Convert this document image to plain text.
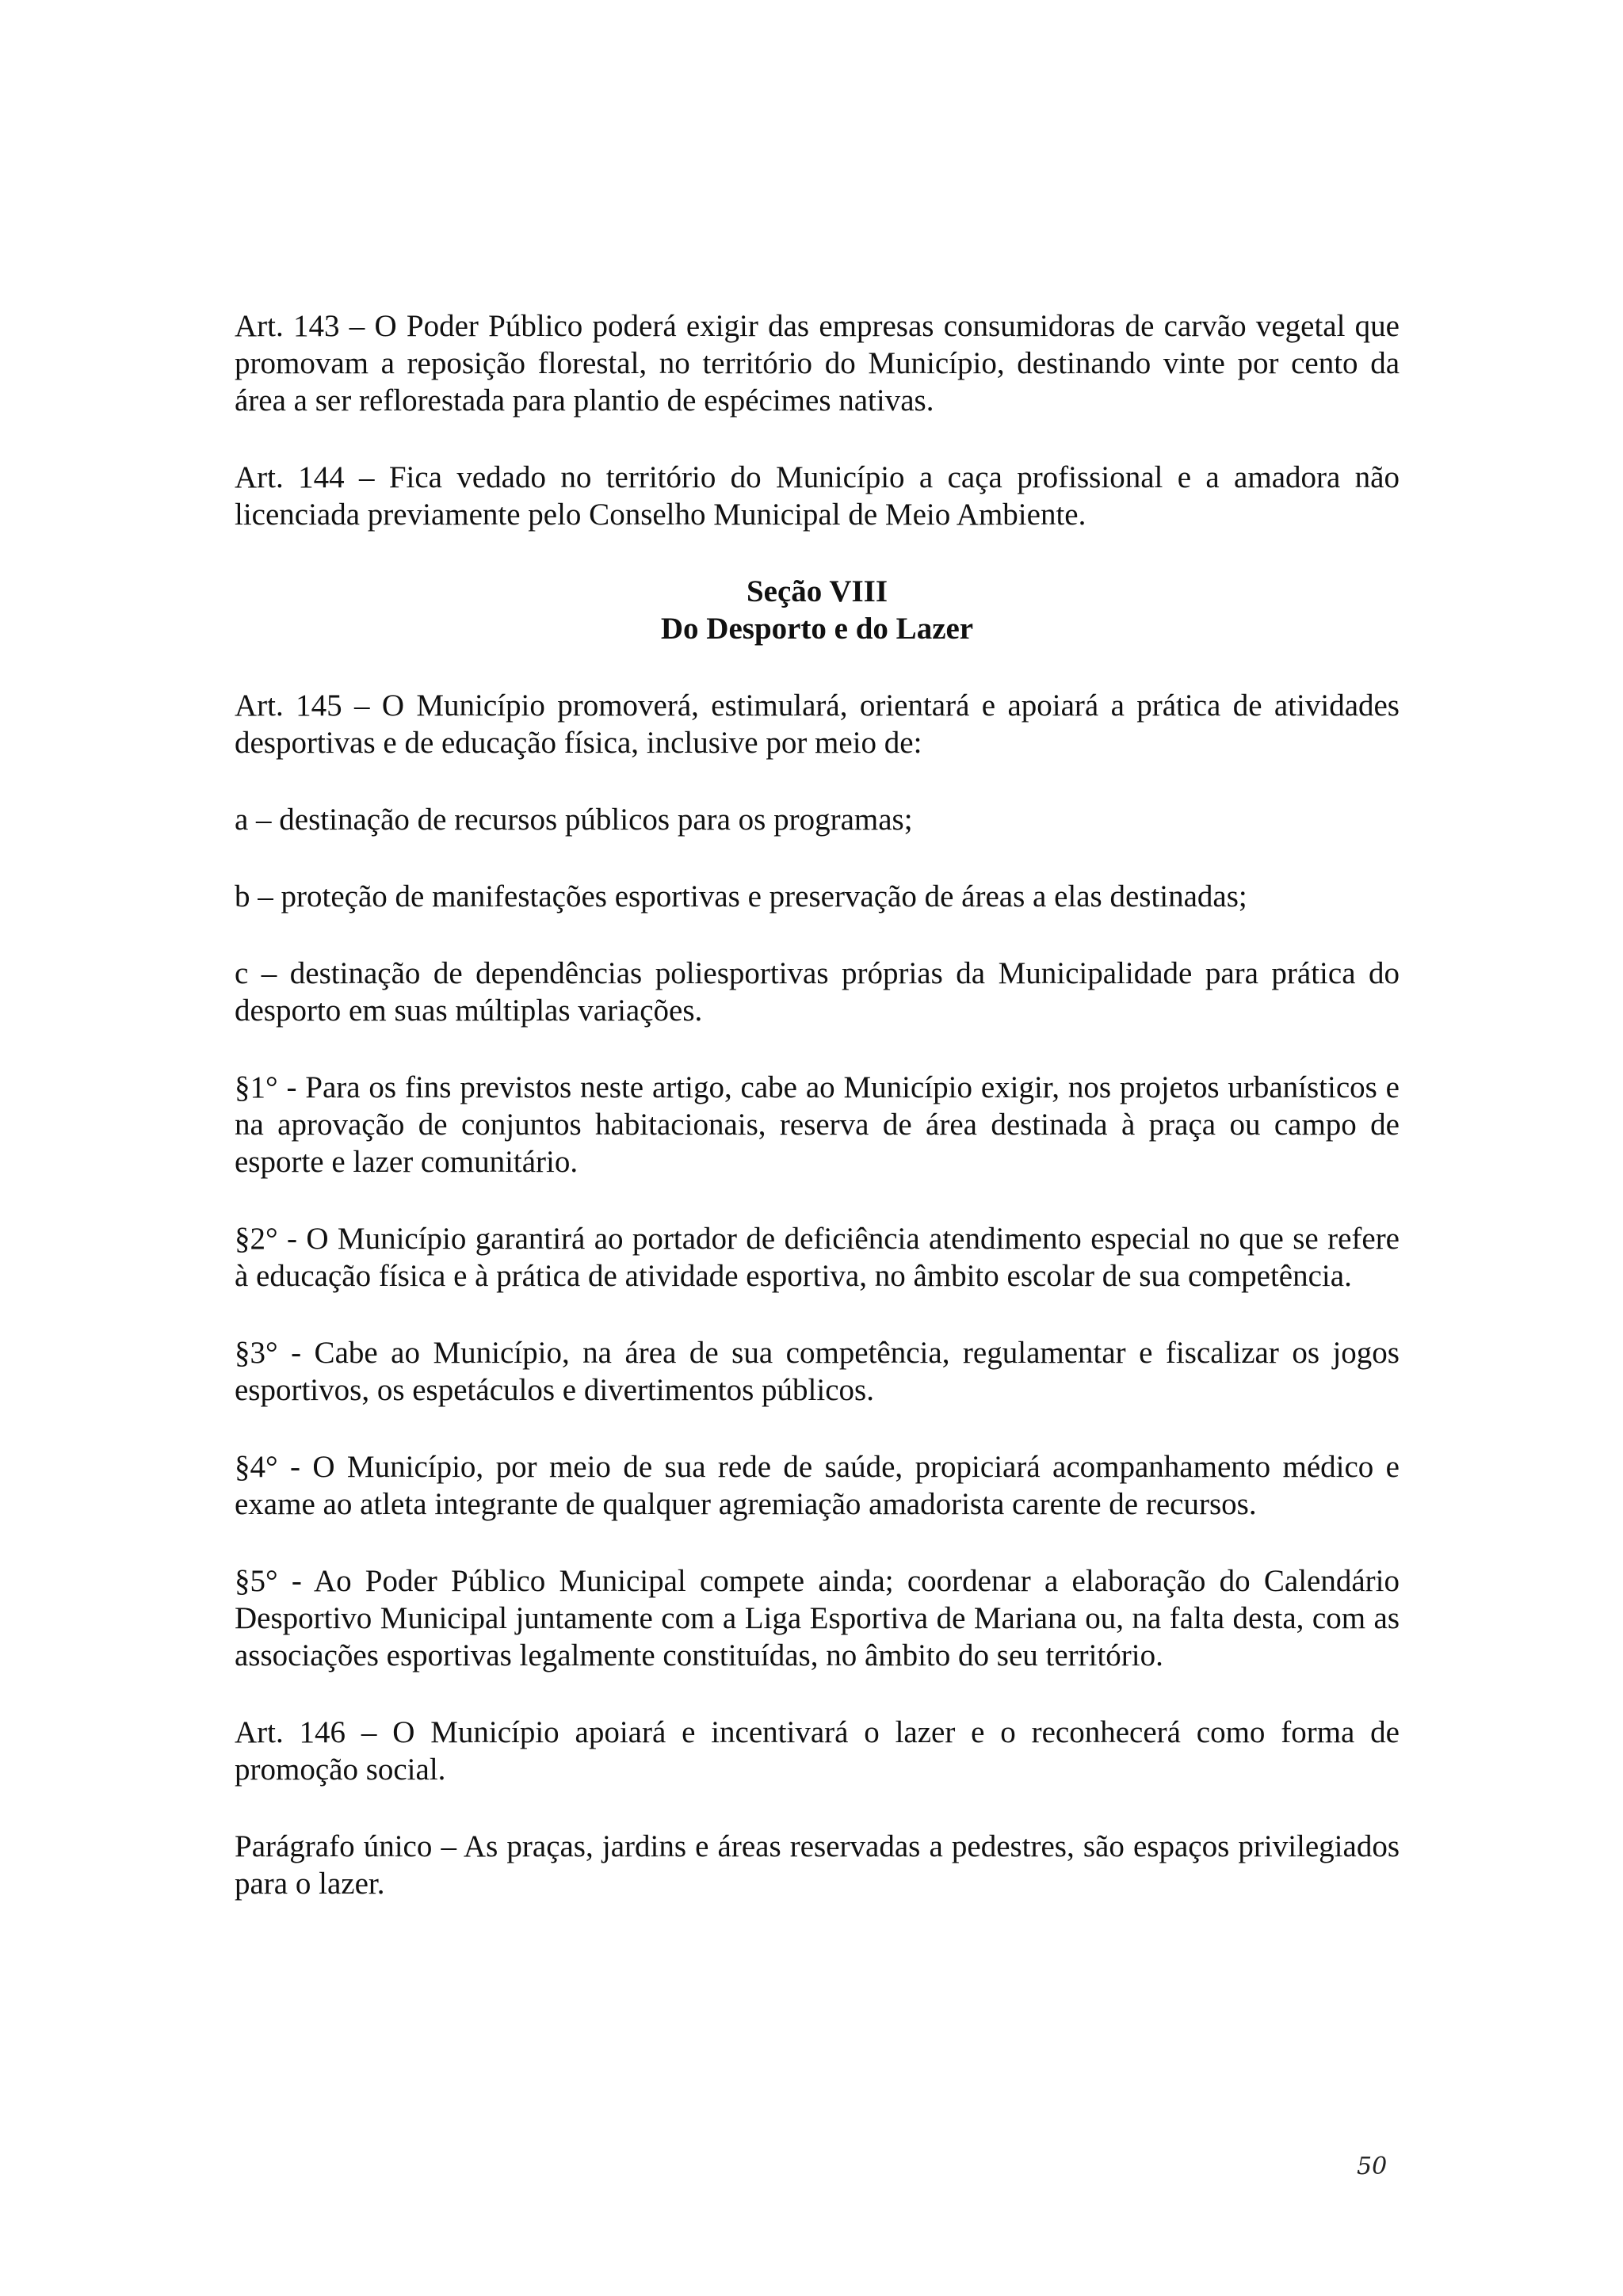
Art. 143 – O Poder Público poderá exigir das empresas consumidoras de carvão vegetal que promovam a reposição florestal, no território do Município, destinando vinte por cento da área a ser reflorestada para plantio de espécimes nativas.

Art. 144 – Fica vedado no território do Município a caça profissional e a amadora não licenciada previamente pelo Conselho Municipal de Meio Ambiente.

Seção VIII
Do Desporto e do Lazer

Art. 145 – O Município promoverá, estimulará, orientará e apoiará a prática de atividades desportivas e de educação física, inclusive por meio de:

a – destinação de recursos públicos para os programas;

b – proteção de manifestações esportivas e preservação de áreas a elas destinadas;

c – destinação de dependências poliesportivas próprias da Municipalidade para prática do desporto em suas múltiplas variações.

§1° - Para os fins previstos neste artigo, cabe ao Município exigir, nos projetos urbanísticos e na aprovação de conjuntos habitacionais, reserva de área destinada à praça ou campo de esporte e lazer comunitário.

§2° - O Município garantirá ao portador de deficiência atendimento especial no que se refere à educação física e à prática de atividade esportiva, no âmbito escolar de sua competência.

§3° - Cabe ao Município, na área de sua competência, regulamentar e fiscalizar os jogos esportivos, os espetáculos e divertimentos públicos.

§4° - O Município, por meio de sua rede de saúde, propiciará acompanhamento médico e exame ao atleta integrante de qualquer agremiação amadorista carente de recursos.

§5° - Ao Poder Público Municipal compete ainda; coordenar a elaboração do Calendário Desportivo Municipal juntamente com a Liga Esportiva de Mariana ou, na falta desta, com as associações esportivas legalmente constituídas, no âmbito do seu território.

Art. 146 – O Município apoiará e incentivará o lazer e o reconhecerá como forma de promoção social.

Parágrafo único – As praças, jardins e áreas reservadas a pedestres, são espaços privilegiados para o lazer.

50
